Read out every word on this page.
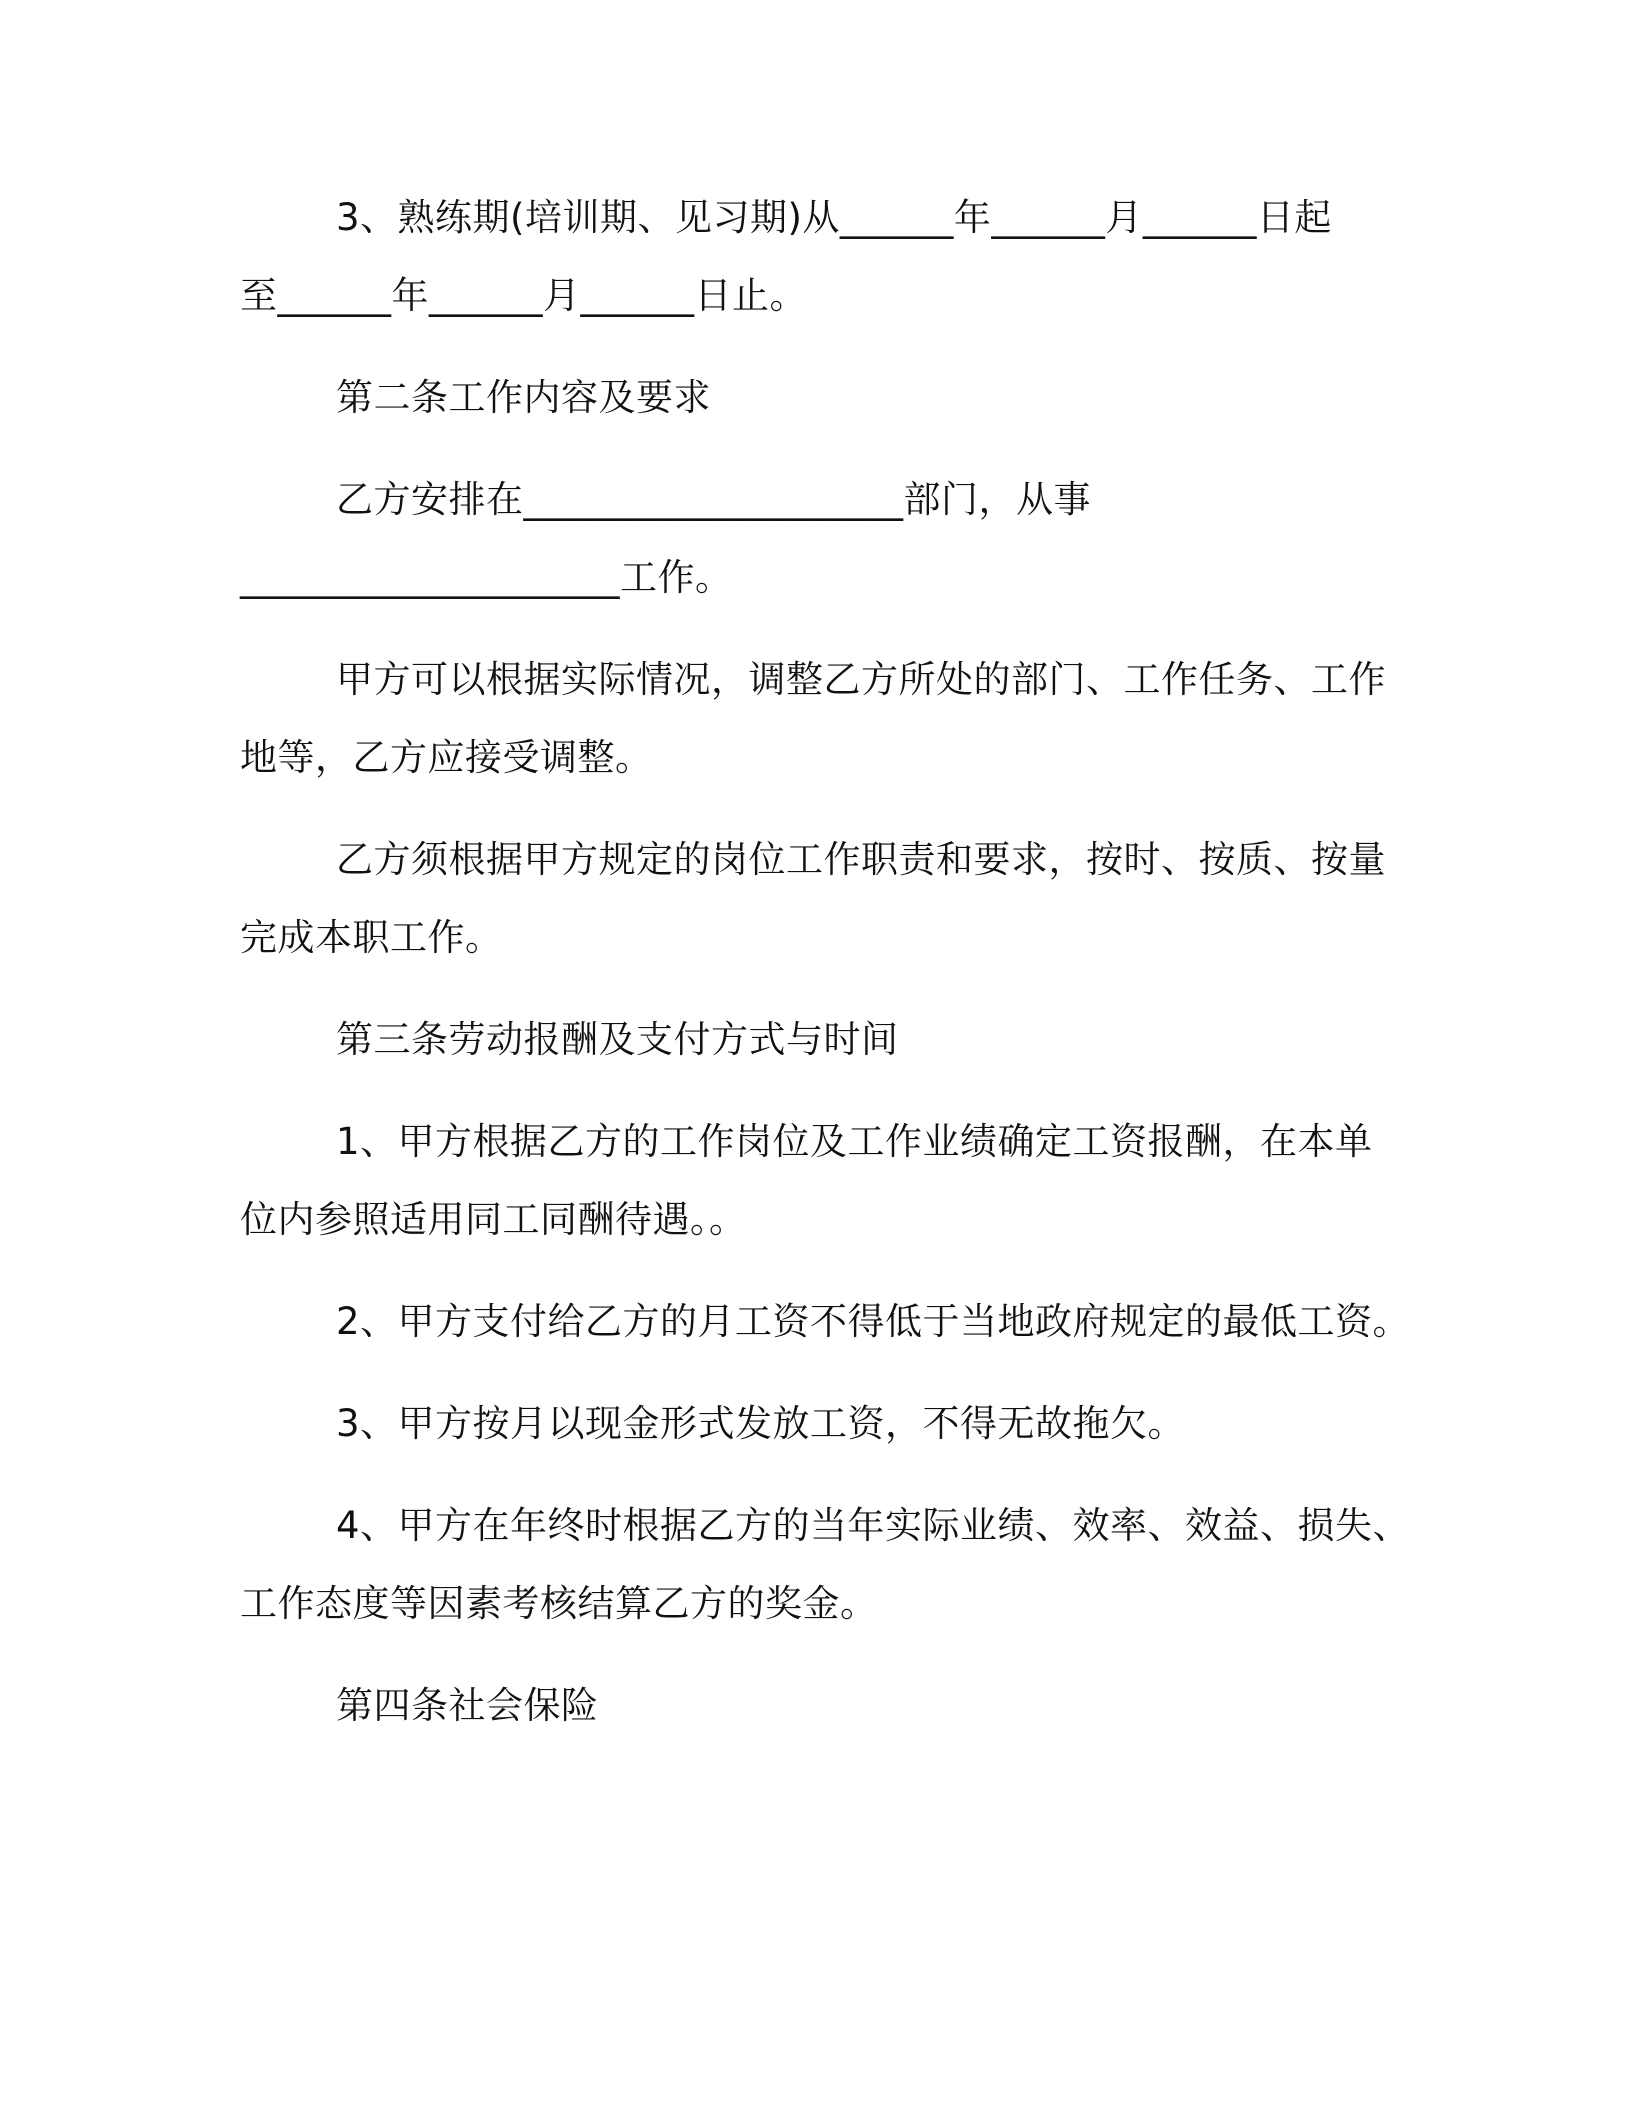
3、熟练期(培训期、见习期)从______年______月______日起
至______年______月______日止。
第二条工作内容及要求
乙方安排在____________________部门，从事
____________________工作。
甲方可以根据实际情况，调整乙方所处的部门、工作任务、工作
地等，乙方应接受调整。
乙方须根据甲方规定的岗位工作职责和要求，按时、按质、按量
完成本职工作。
第三条劳动报酬及支付方式与时间
1、甲方根据乙方的工作岗位及工作业绩确定工资报酬，在本单
位内参照适用同工同酬待遇。。
2、甲方支付给乙方的月工资不得低于当地政府规定的最低工资。
3、甲方按月以现金形式发放工资，不得无故拖欠。
4、甲方在年终时根据乙方的当年实际业绩、效率、效益、损失、
工作态度等因素考核结算乙方的奖金。
第四条社会保险
